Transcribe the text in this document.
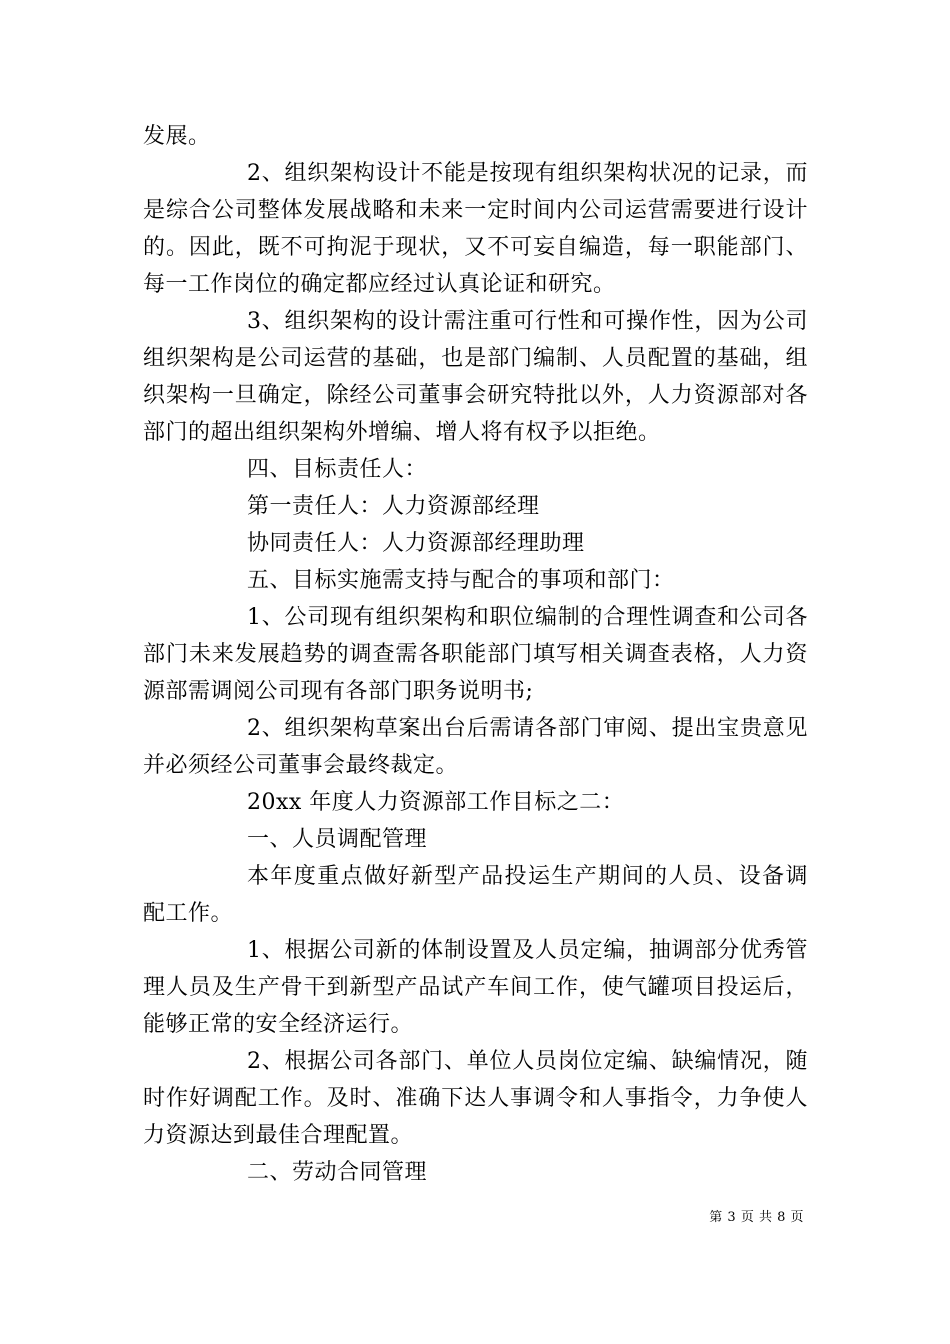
发展。

2、组织架构设计不能是按现有组织架构状况的记录，而是综合公司整体发展战略和未来一定时间内公司运营需要进行设计的。因此，既不可拘泥于现状，又不可妄自编造，每一职能部门、每一工作岗位的确定都应经过认真论证和研究。

3、组织架构的设计需注重可行性和可操作性，因为公司组织架构是公司运营的基础，也是部门编制、人员配置的基础，组织架构一旦确定，除经公司董事会研究特批以外，人力资源部对各部门的超出组织架构外增编、增人将有权予以拒绝。

四、目标责任人：

第一责任人：人力资源部经理

协同责任人：人力资源部经理助理

五、目标实施需支持与配合的事项和部门：

1、公司现有组织架构和职位编制的合理性调查和公司各部门未来发展趋势的调查需各职能部门填写相关调查表格，人力资源部需调阅公司现有各部门职务说明书;

2、组织架构草案出台后需请各部门审阅、提出宝贵意见并必须经公司董事会最终裁定。

20xx 年度人力资源部工作目标之二：

一、人员调配管理

本年度重点做好新型产品投运生产期间的人员、设备调配工作。

1、根据公司新的体制设置及人员定编，抽调部分优秀管理人员及生产骨干到新型产品试产车间工作，使气罐项目投运后，能够正常的安全经济运行。

2、根据公司各部门、单位人员岗位定编、缺编情况，随时作好调配工作。及时、准确下达人事调令和人事指令，力争使人力资源达到最佳合理配置。

二、劳动合同管理

第 3 页 共 8 页
